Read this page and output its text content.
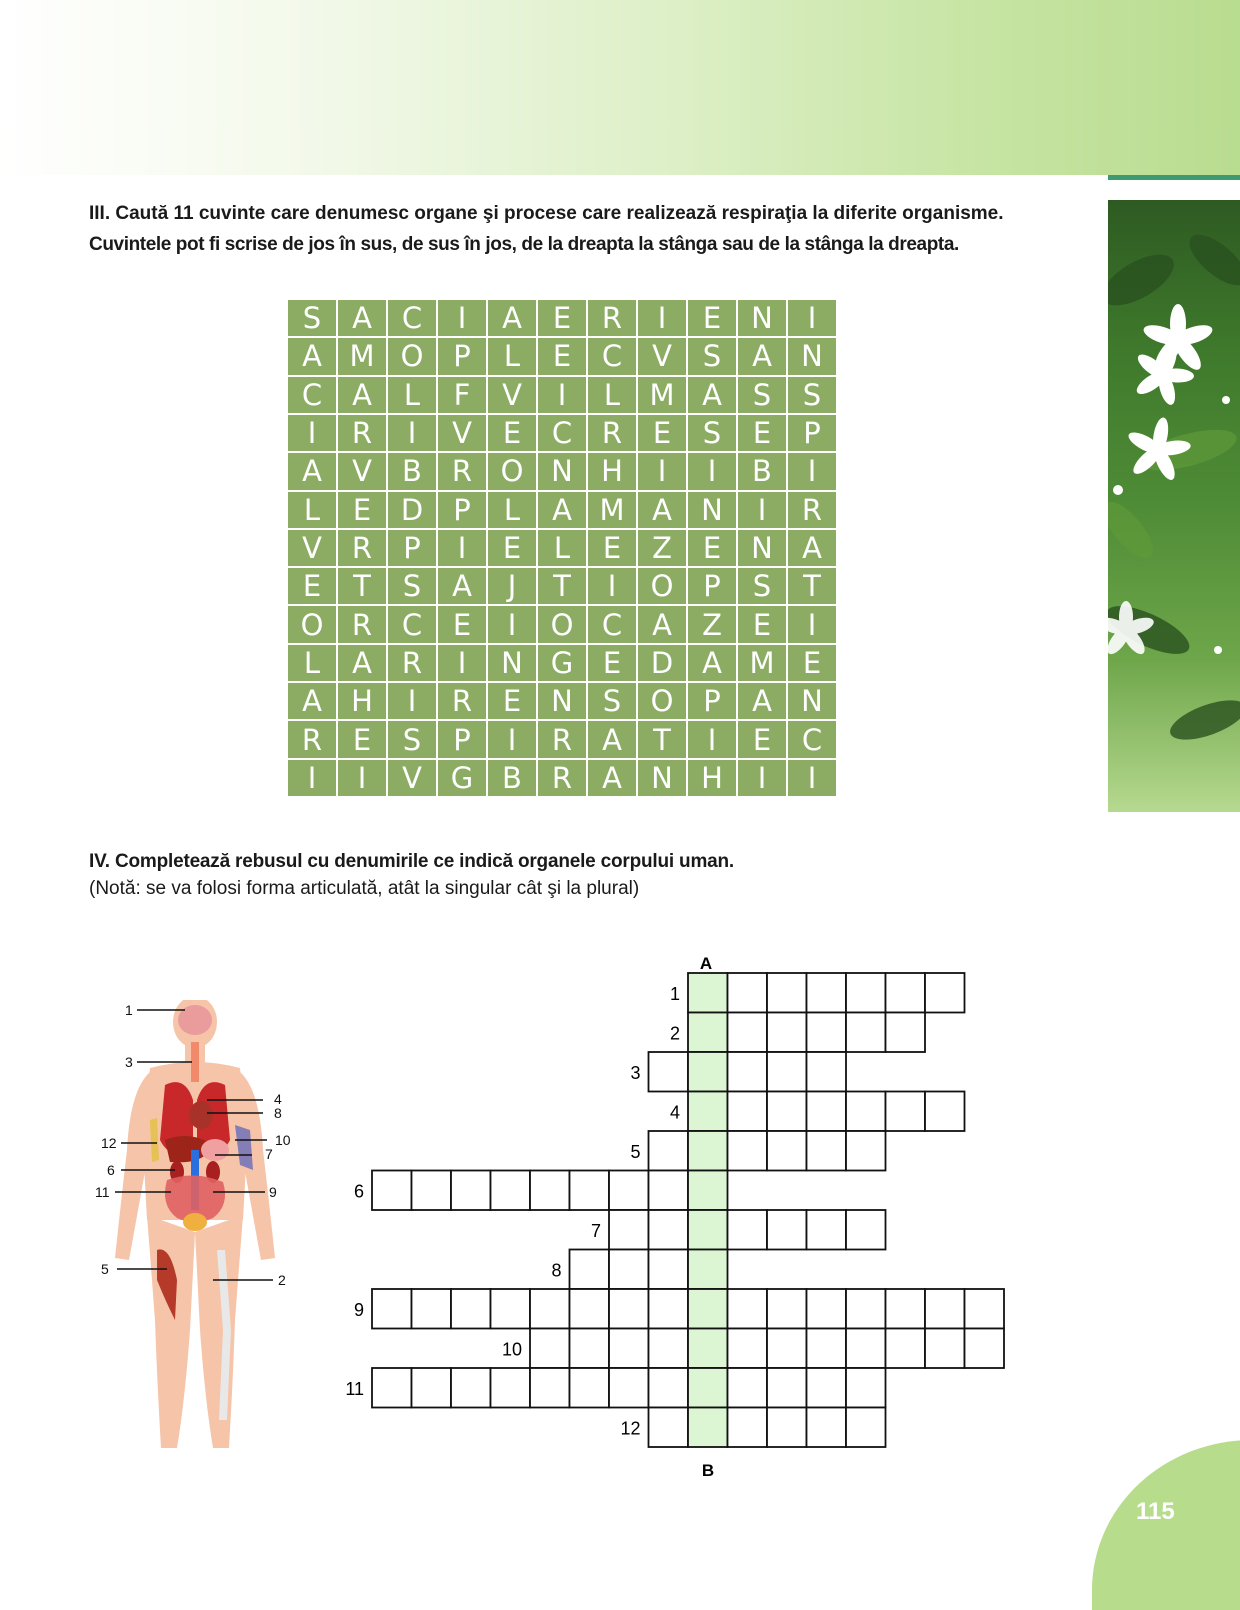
III. Caută 11 cuvinte care denumesc organe şi procese care realizează respiraţia la diferite organisme.
Cuvintele pot fi scrise de jos în sus, de sus în jos, de la dreapta la stânga sau de la stânga la dreapta.
S	A	C	I	A	E	R	I	E	N	I
A M O	P	L	E	C	V	S	A	N
C	A	L	F	V	I	L	M A	S	S
I	R	I	V	E	C	R	E	S	E	P
A	V	B	R O N H	I	I	B	I
L	E	D	P	L	A M A	N	I	R
V	R	P	I	E	L	E	Z	E	N	A
E	T	S	A	J	T	I	O	P	S	T
O R	C	E	I	O C	A	Z	E	I
L	A	R	I	N G	E	D A M E
A	H	I	R	E	N	S	O	P	A	N
R	E	S	P	I	R	A	T	I	E	C
I	I	V G B	R	A	N H	I	I
IV. Completează rebusul cu denumirile ce indică organele corpului uman.
(Notă: se va folosi forma articulată, atât la singular cât şi la plural)
1
3
4
8
12	10
7
6
9
11
5
2
A
B
1
2
3
4
5
6
7
8
9
10
11
12
115
